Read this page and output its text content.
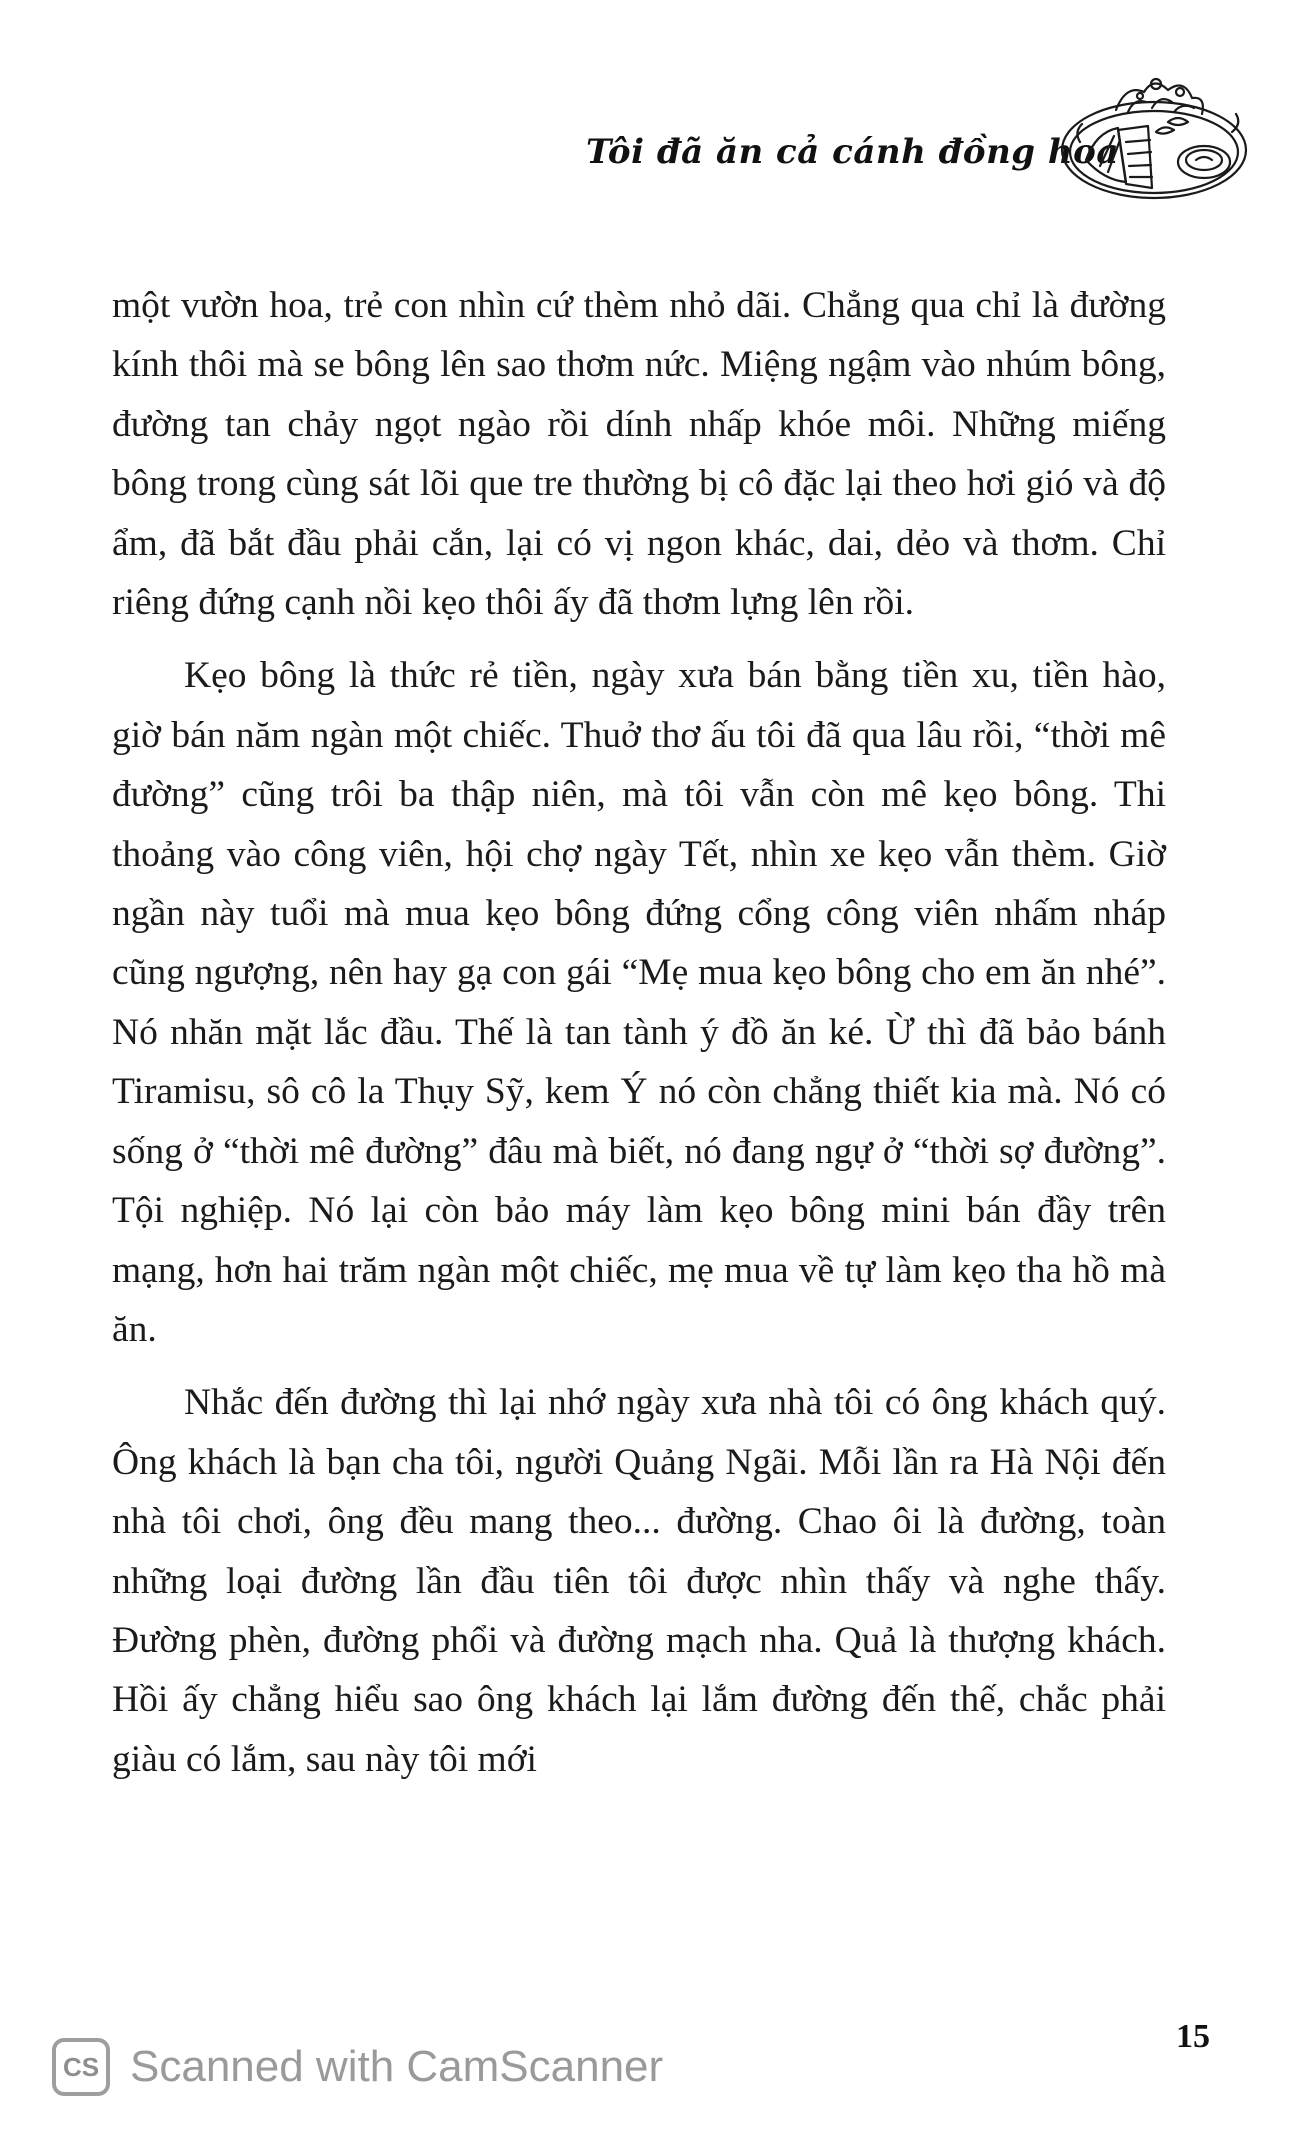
Tôi đã ăn cả cánh đồng hoa

một vườn hoa, trẻ con nhìn cứ thèm nhỏ dãi. Chẳng qua chỉ là đường kính thôi mà se bông lên sao thơm nức. Miệng ngậm vào nhúm bông, đường tan chảy ngọt ngào rồi dính nhấp khóe môi. Những miếng bông trong cùng sát lõi que tre thường bị cô đặc lại theo hơi gió và độ ẩm, đã bắt đầu phải cắn, lại có vị ngon khác, dai, dẻo và thơm. Chỉ riêng đứng cạnh nồi kẹo thôi ấy đã thơm lựng lên rồi.

Kẹo bông là thức rẻ tiền, ngày xưa bán bằng tiền xu, tiền hào, giờ bán năm ngàn một chiếc. Thuở thơ ấu tôi đã qua lâu rồi, “thời mê đường” cũng trôi ba thập niên, mà tôi vẫn còn mê kẹo bông. Thi thoảng vào công viên, hội chợ ngày Tết, nhìn xe kẹo vẫn thèm. Giờ ngần này tuổi mà mua kẹo bông đứng cổng công viên nhấm nháp cũng ngượng, nên hay gạ con gái “Mẹ mua kẹo bông cho em ăn nhé”. Nó nhăn mặt lắc đầu. Thế là tan tành ý đồ ăn ké. Ừ thì đã bảo bánh Tiramisu, sô cô la Thụy Sỹ, kem Ý nó còn chẳng thiết kia mà. Nó có sống ở “thời mê đường” đâu mà biết, nó đang ngự ở “thời sợ đường”. Tội nghiệp. Nó lại còn bảo máy làm kẹo bông mini bán đầy trên mạng, hơn hai trăm ngàn một chiếc, mẹ mua về tự làm kẹo tha hồ mà ăn.

Nhắc đến đường thì lại nhớ ngày xưa nhà tôi có ông khách quý. Ông khách là bạn cha tôi, người Quảng Ngãi. Mỗi lần ra Hà Nội đến nhà tôi chơi, ông đều mang theo... đường. Chao ôi là đường, toàn những loại đường lần đầu tiên tôi được nhìn thấy và nghe thấy. Đường phèn, đường phổi và đường mạch nha. Quả là thượng khách. Hồi ấy chẳng hiểu sao ông khách lại lắm đường đến thế, chắc phải giàu có lắm, sau này tôi mới

15
CS Scanned with CamScanner
